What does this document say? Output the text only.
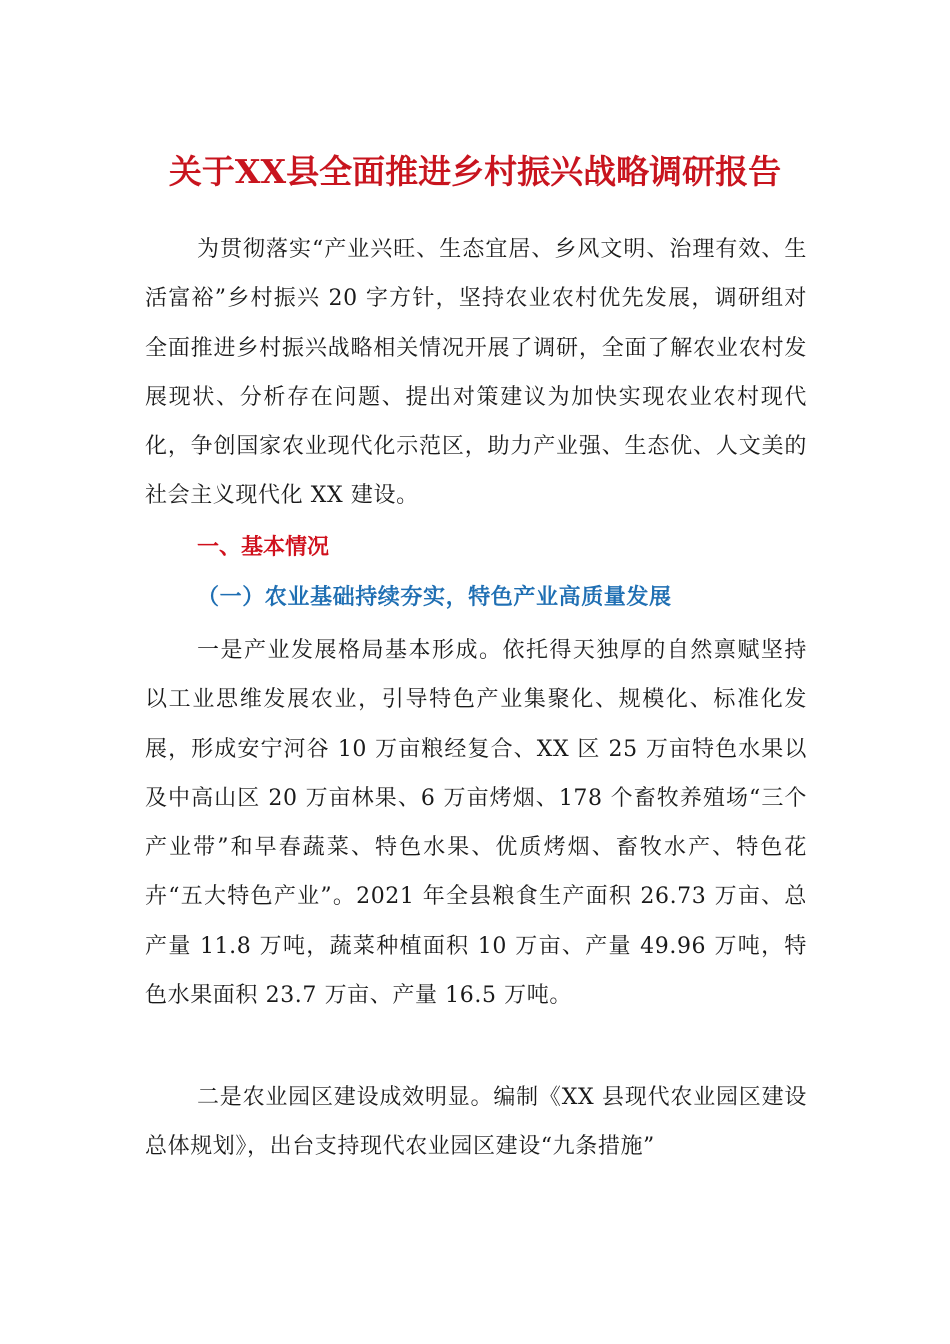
关于XX县全面推进乡村振兴战略调研报告

为贯彻落实“产业兴旺、生态宜居、乡风文明、治理有效、生活富裕”乡村振兴 20 字方针，坚持农业农村优先发展，调研组对全面推进乡村振兴战略相关情况开展了调研，全面了解农业农村发展现状、分析存在问题、提出对策建议为加快实现农业农村现代化，争创国家农业现代化示范区，助力产业强、生态优、人文美的社会主义现代化 XX 建设。

一、基本情况
（一）农业基础持续夯实，特色产业高质量发展

一是产业发展格局基本形成。依托得天独厚的自然禀赋坚持以工业思维发展农业，引导特色产业集聚化、规模化、标准化发展，形成安宁河谷 10 万亩粮经复合、XX 区 25 万亩特色水果以及中高山区 20 万亩林果、6 万亩烤烟、178 个畜牧养殖场“三个产业带”和早春蔬菜、特色水果、优质烤烟、畜牧水产、特色花卉“五大特色产业”。2021 年全县粮食生产面积 26.73 万亩、总产量 11.8 万吨，蔬菜种植面积 10 万亩、产量 49.96 万吨，特色水果面积 23.7 万亩、产量 16.5 万吨。

二是农业园区建设成效明显。编制《XX 县现代农业园区建设总体规划》，出台支持现代农业园区建设“九条措施”
